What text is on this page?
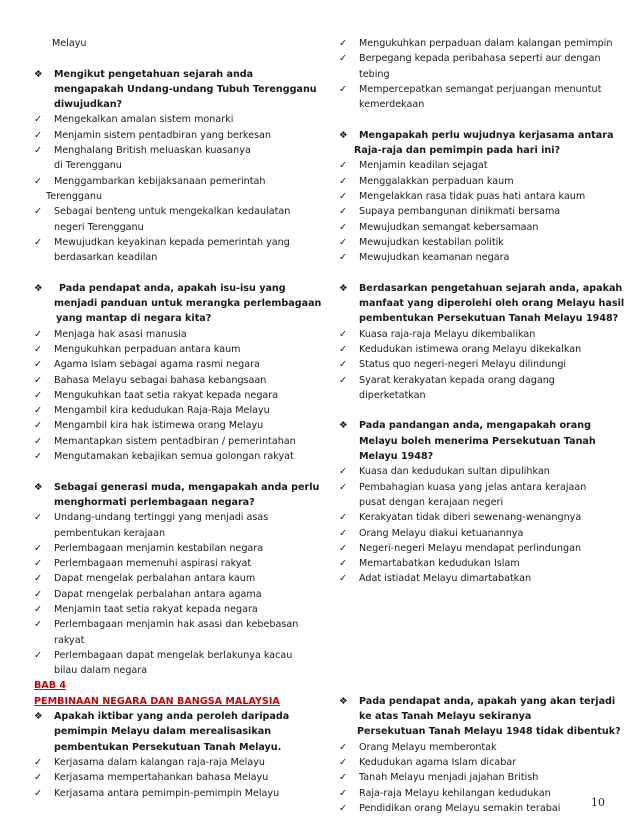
Melayu
❖ Mengikut pengetahuan sejarah anda
mengapakah Undang-undang Tubuh Terengganu
diwujudkan?
✓ Mengekalkan amalan sistem monarki
✓ Menjamin sistem pentadbiran yang berkesan
✓ Menghalang British meluaskan kuasanya
di Terengganu
✓ Menggambarkan kebijaksanaan pemerintah
Terengganu
✓ Sebagai benteng untuk mengekalkan kedaulatan
negeri Terengganu
✓ Mewujudkan keyakinan kepada pemerintah yang
berdasarkan keadilan
❖ Pada pendapat anda, apakah isu-isu yang
menjadi panduan untuk merangka perlembagaan
yang mantap di negara kita?
✓ Menjaga hak asasi manusia
✓ Mengukuhkan perpaduan antara kaum
✓ Agama Islam sebagai agama rasmi negara
✓ Bahasa Melayu sebagai bahasa kebangsaan
✓ Mengukuhkan taat setia rakyat kepada negara
✓ Mengambil kira kedudukan Raja-Raja Melayu
✓ Mengambil kira hak istimewa orang Melayu
✓ Memantapkan sistem pentadbiran / pemerintahan
✓ Mengutamakan kebajikan semua golongan rakyat
❖ Sebagai generasi muda, mengapakah anda perlu
menghormati perlembagaan negara?
✓ Undang-undang tertinggi yang menjadi asas
pembentukan kerajaan
✓ Perlembagaan menjamin kestabilan negara
✓ Perlembagaan memenuhi aspirasi rakyat
✓ Dapat mengelak perbalahan antara kaum
✓ Dapat mengelak perbalahan antara agama
✓ Menjamin taat setia rakyat kepada negara
✓ Perlembagaan menjamin hak asasi dan kebebasan
rakyat
✓ Perlembagaan dapat mengelak berlakunya kacau
bilau dalam negara
BAB 4
PEMBINAAN NEGARA DAN BANGSA MALAYSIA
❖ Apakah iktibar yang anda peroleh daripada
pemimpin Melayu dalam merealisasikan
pembentukan Persekutuan Tanah Melayu.
✓ Kerjasama dalam kalangan raja-raja Melayu
✓ Kerjasama mempertahankan bahasa Melayu
✓ Kerjasama antara pemimpin-pemimpin Melayu
✓ Mengukuhkan perpaduan dalam kalangan pemimpin
✓ Berpegang kepada peribahasa seperti aur dengan
tebing
✓ Mempercepatkan semangat perjuangan menuntut
kemerdekaan
❖ Mengapakah perlu wujudnya kerjasama antara
Raja-raja dan pemimpin pada hari ini?
✓ Menjamin keadilan sejagat
✓ Menggalakkan perpaduan kaum
✓ Mengelakkan rasa tidak puas hati antara kaum
✓ Supaya pembangunan dinikmati bersama
✓ Mewujudkan semangat kebersamaan
✓ Mewujudkan kestabilan politik
✓ Mewujudkan keamanan negara
❖ Berdasarkan pengetahuan sejarah anda, apakah
manfaat yang diperolehi oleh orang Melayu hasil
pembentukan Persekutuan Tanah Melayu 1948?
✓ Kuasa raja-raja Melayu dikembalikan
✓ Kedudukan istimewa orang Melayu dikekalkan
✓ Status quo negeri-negeri Melayu dilindungi
✓ Syarat kerakyatan kepada orang dagang
diperketatkan
❖ Pada pandangan anda, mengapakah orang
Melayu boleh menerima Persekutuan Tanah
Melayu 1948?
✓ Kuasa dan kedudukan sultan dipulihkan
✓ Pembahagian kuasa yang jelas antara kerajaan
pusat dengan kerajaan negeri
✓ Kerakyatan tidak diberi sewenang-wenangnya
✓ Orang Melayu diakui ketuanannya
✓ Negeri-negeri Melayu mendapat perlindungan
✓ Memartabatkan kedudukan Islam
✓ Adat istiadat Melayu dimartabatkan
❖ Pada pendapat anda, apakah yang akan terjadi
ke atas Tanah Melayu sekiranya
Persekutuan Tanah Melayu 1948 tidak dibentuk?
✓ Orang Melayu memberontak
✓ Kedudukan agama Islam dicabar
✓ Tanah Melayu menjadi jajahan British
✓ Raja-raja Melayu kehilangan kedudukan
✓ Pendidikan orang Melayu semakin terabai	10
